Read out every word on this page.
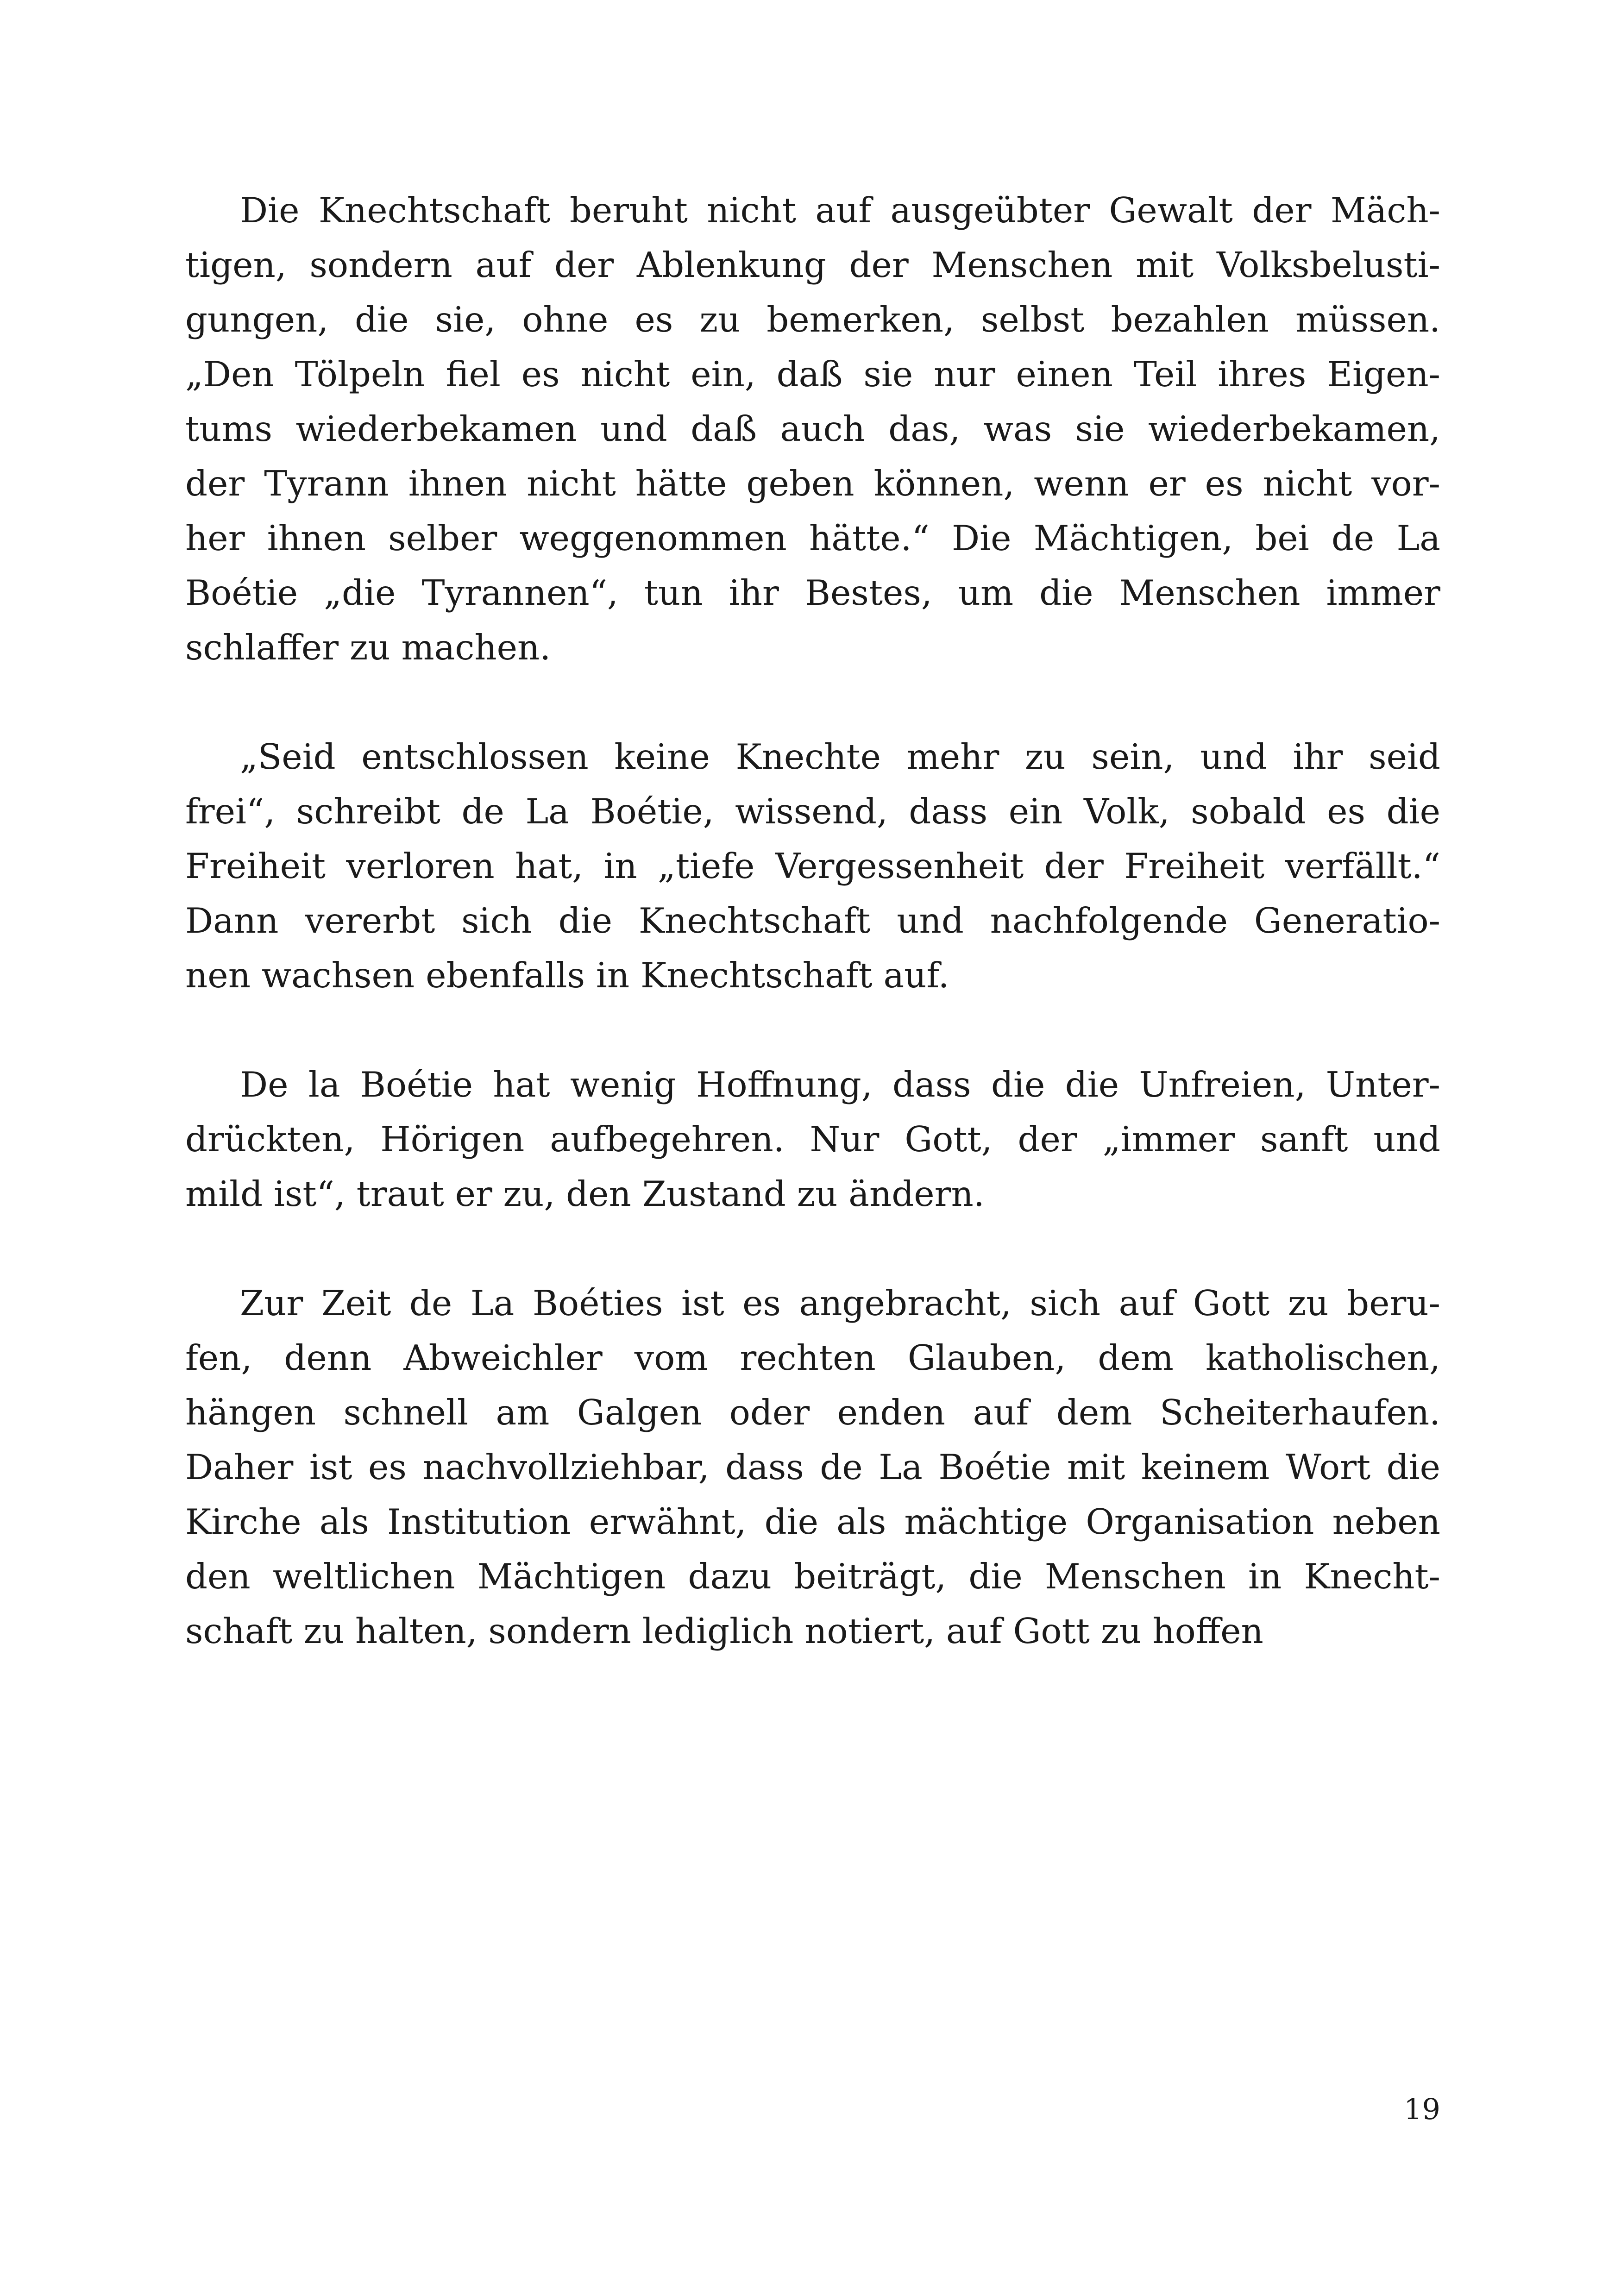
Die Knechtschaft beruht nicht auf ausgeübter Gewalt der Mäch-
tigen, sondern auf der Ablenkung der Menschen mit Volksbelusti-
gungen, die sie, ohne es zu bemerken, selbst bezahlen müssen.
„Den Tölpeln fiel es nicht ein, daß sie nur einen Teil ihres Eigen-
tums wiederbekamen und daß auch das, was sie wiederbekamen,
der Tyrann ihnen nicht hätte geben können, wenn er es nicht vor-
her ihnen selber weggenommen hätte.“ Die Mächtigen, bei de La
Boétie „die Tyrannen“, tun ihr Bestes, um die Menschen immer
schlaffer zu machen.

„Seid entschlossen keine Knechte mehr zu sein, und ihr seid
frei“, schreibt de La Boétie, wissend, dass ein Volk, sobald es die
Freiheit verloren hat, in „tiefe Vergessenheit der Freiheit verfällt.“
Dann vererbt sich die Knechtschaft und nachfolgende Generatio-
nen wachsen ebenfalls in Knechtschaft auf.

De la Boétie hat wenig Hoffnung, dass die die Unfreien, Unter-
drückten, Hörigen aufbegehren. Nur Gott, der „immer sanft und
mild ist“, traut er zu, den Zustand zu ändern.

Zur Zeit de La Boéties ist es angebracht, sich auf Gott zu beru-
fen, denn Abweichler vom rechten Glauben, dem katholischen,
hängen schnell am Galgen oder enden auf dem Scheiterhaufen.
Daher ist es nachvollziehbar, dass de La Boétie mit keinem Wort die
Kirche als Institution erwähnt, die als mächtige Organisation neben
den weltlichen Mächtigen dazu beiträgt, die Menschen in Knecht-
schaft zu halten, sondern lediglich notiert, auf Gott zu hoffen

19
